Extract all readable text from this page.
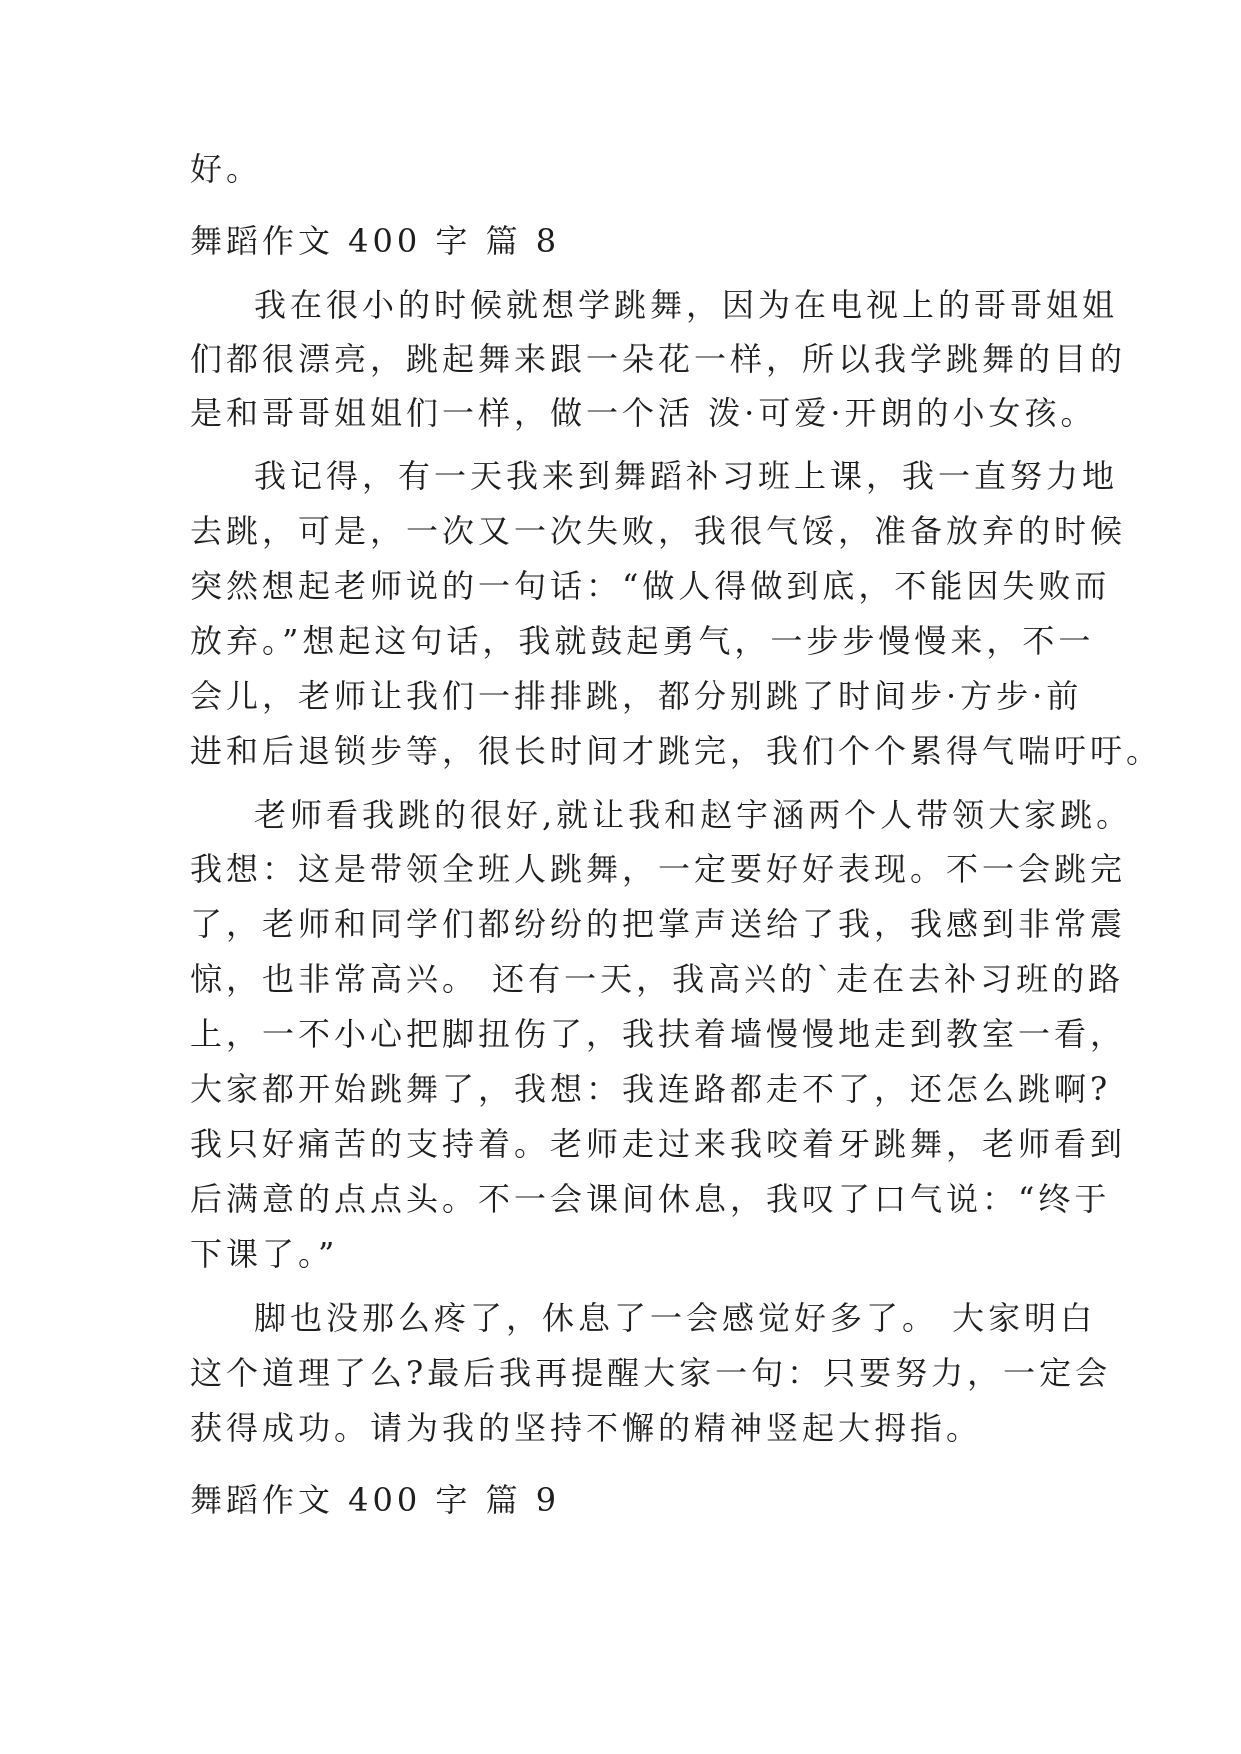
好。
舞蹈作文 400 字 篇 8
我在很小的时候就想学跳舞，因为在电视上的哥哥姐姐
们都很漂亮，跳起舞来跟一朵花一样，所以我学跳舞的目的
是和哥哥姐姐们一样，做一个活 泼·可爱·开朗的小女孩。
我记得，有一天我来到舞蹈补习班上课，我一直努力地
去跳，可是，一次又一次失败，我很气馁，准备放弃的时候
突然想起老师说的一句话：“做人得做到底，不能因失败而
放弃。”想起这句话，我就鼓起勇气，一步步慢慢来，不一
会儿，老师让我们一排排跳，都分别跳了时间步·方步·前
进和后退锁步等，很长时间才跳完，我们个个累得气喘吁吁。
老师看我跳的很好,就让我和赵宇涵两个人带领大家跳。
我想：这是带领全班人跳舞，一定要好好表现。不一会跳完
了，老师和同学们都纷纷的把掌声送给了我，我感到非常震
惊，也非常高兴。 还有一天，我高兴的`走在去补习班的路
上，一不小心把脚扭伤了，我扶着墙慢慢地走到教室一看，
大家都开始跳舞了，我想：我连路都走不了，还怎么跳啊?
我只好痛苦的支持着。老师走过来我咬着牙跳舞，老师看到
后满意的点点头。不一会课间休息，我叹了口气说：“终于
下课了。”
脚也没那么疼了，休息了一会感觉好多了。 大家明白
这个道理了么?最后我再提醒大家一句：只要努力，一定会
获得成功。请为我的坚持不懈的精神竖起大拇指。
舞蹈作文 400 字 篇 9
